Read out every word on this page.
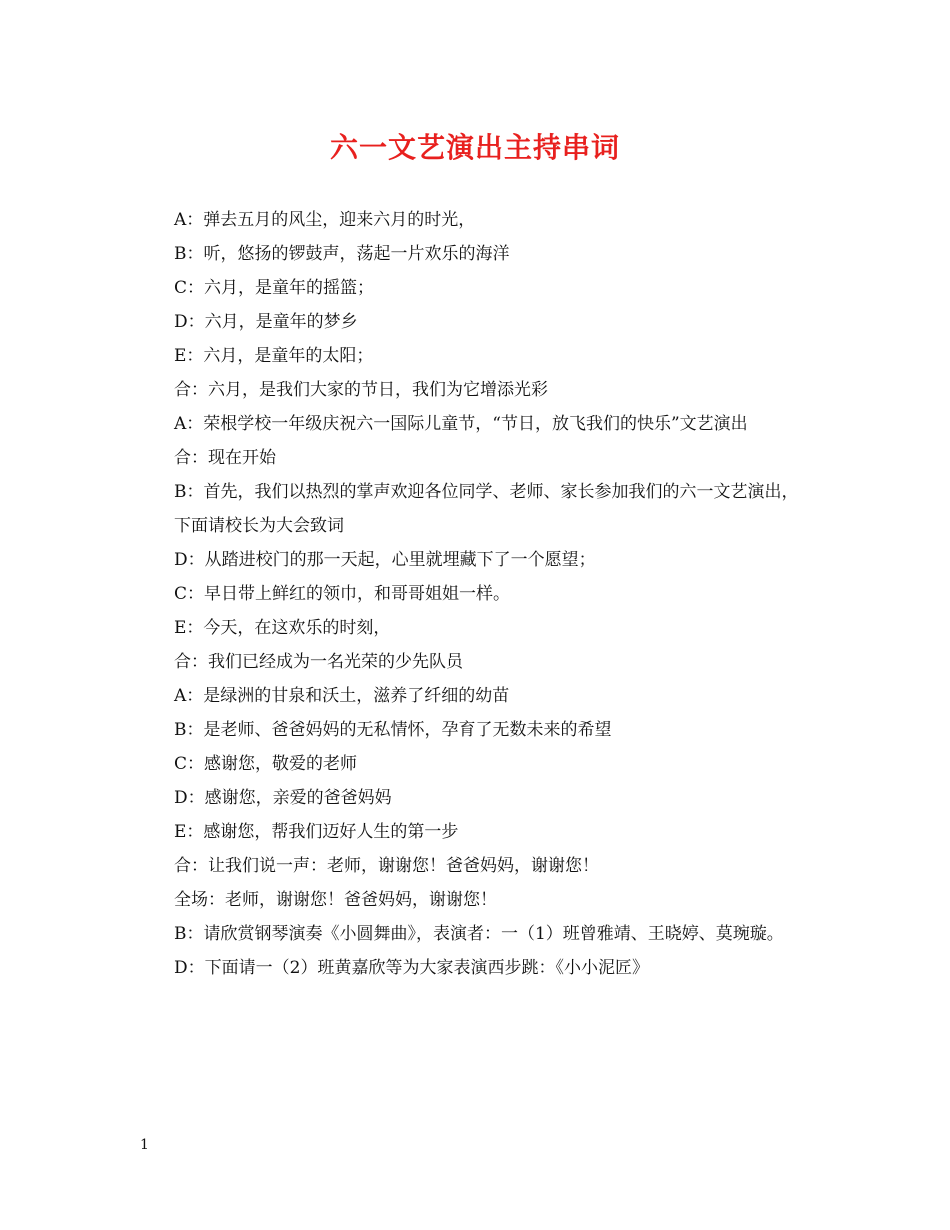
六一文艺演出主持串词

A：弹去五月的风尘，迎来六月的时光，

B：听，悠扬的锣鼓声，荡起一片欢乐的海洋

C：六月，是童年的摇篮；

D：六月，是童年的梦乡

E：六月，是童年的太阳；

合：六月，是我们大家的节日，我们为它增添光彩

A：荣根学校一年级庆祝六一国际儿童节，“节日，放飞我们的快乐”文艺演出

合：现在开始

B：首先，我们以热烈的掌声欢迎各位同学、老师、家长参加我们的六一文艺演出，

下面请校长为大会致词

D：从踏进校门的那一天起，心里就埋藏下了一个愿望；

C：早日带上鲜红的领巾，和哥哥姐姐一样。

E：今天，在这欢乐的时刻，

合：我们已经成为一名光荣的少先队员

A：是绿洲的甘泉和沃土，滋养了纤细的幼苗

B：是老师、爸爸妈妈的无私情怀，孕育了无数未来的希望

C：感谢您，敬爱的老师

D：感谢您，亲爱的爸爸妈妈

E：感谢您，帮我们迈好人生的第一步

合：让我们说一声：老师，谢谢您！爸爸妈妈，谢谢您！

全场：老师，谢谢您！爸爸妈妈，谢谢您！

B：请欣赏钢琴演奏《小圆舞曲》，表演者：一（1）班曾雅靖、王晓婷、莫琬璇。

D：下面请一（2）班黄嘉欣等为大家表演西步跳：《小小泥匠》

1
